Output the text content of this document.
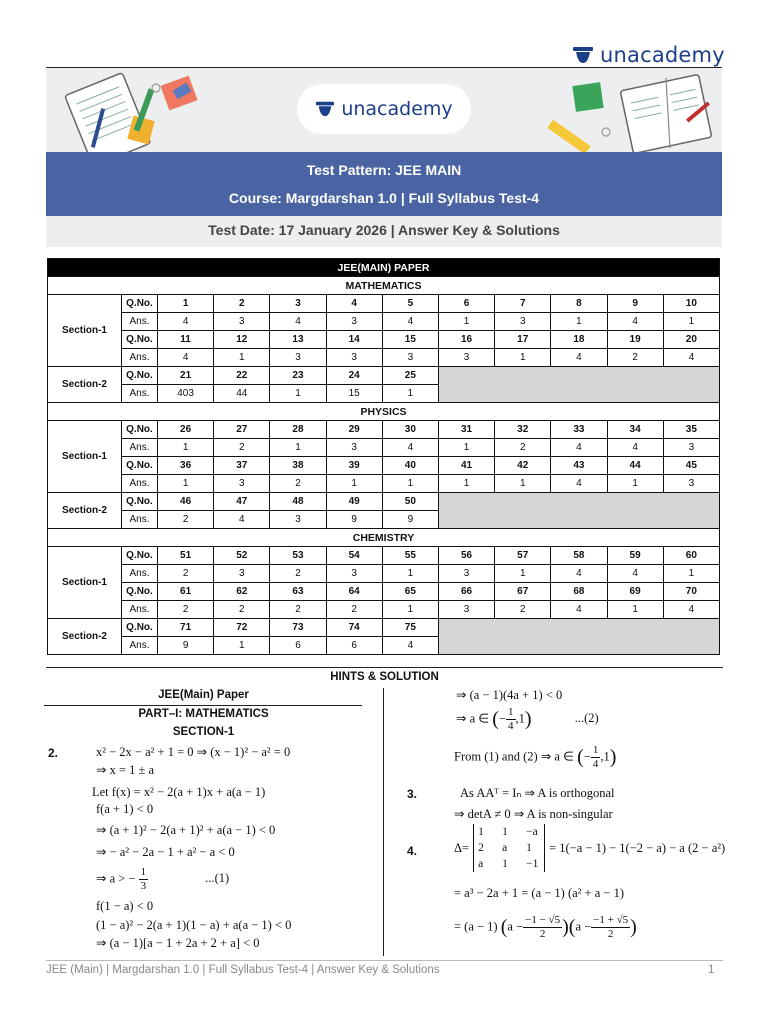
unacademy
unacademy
Test Pattern: JEE MAIN
Course: Margdarshan 1.0 | Full Syllabus Test-4
Test Date: 17 January 2026 | Answer Key & Solutions
JEE(MAIN) PAPER											
MATHEMATICS											
Section-1	Q.No.	1	2	3	4	5	6	7	8	9	10
	Ans.	4	3	4	3	4	1	3	1	4	1
	Q.No.	11	12	13	14	15	16	17	18	19	20
	Ans.	4	1	3	3	3	3	1	4	2	4
Section-2	Q.No.	21	22	23	24	25					
	Ans.	403	44	1	15	1					
PHYSICS											
Section-1	Q.No.	26	27	28	29	30	31	32	33	34	35
	Ans.	1	2	1	3	4	1	2	4	4	3
	Q.No.	36	37	38	39	40	41	42	43	44	45
	Ans.	1	3	2	1	1	1	1	4	1	3
Section-2	Q.No.	46	47	48	49	50					
	Ans.	2	4	3	9	9					
CHEMISTRY											
Section-1	Q.No.	51	52	53	54	55	56	57	58	59	60
	Ans.	2	3	2	3	1	3	1	4	4	1
	Q.No.	61	62	63	64	65	66	67	68	69	70
	Ans.	2	2	2	2	1	3	2	4	1	4
Section-2	Q.No.	71	72	73	74	75					
	Ans.	9	1	6	6	4					
HINTS & SOLUTION
JEE(Main) Paper
PART–I: MATHEMATICS
SECTION-1
2.	x² − 2x − a² + 1 = 0 ⇒ (x − 1)² − a² = 0
⇒ x = 1 ± a
Let f(x) = x² − 2(a + 1)x + a(a − 1)
f(a + 1) < 0
⇒ (a + 1)² − 2(a + 1)² + a(a − 1) < 0
⇒ − a² − 2a − 1 + a² − a < 0
⇒ a > − $\frac{1}{3}$	...(1)
f(1 − a) < 0
(1 − a)² − 2(a + 1)(1 − a) + a(a − 1) < 0
⇒ (a − 1)[a − 1 + 2a + 2 + a] < 0
⇒ (a − 1)(4a + 1) < 0
⇒ a ∈ (− $\frac{1}{4} ,1$)	...(2)
From (1) and (2) ⇒ a ∈ (− $\frac{1}{4} ,1$)
3.	As AAᵀ = Iₙ ⇒ A is orthogonal
⇒ detA ≠ 0 ⇒ A is non-singular
4.	Δ=
1	1	−a
2	a	1
a	1	−1
= 1(−a − 1) − 1(−2 − a) − a (2 − a²)
= a³ − 2a + 1 = (a − 1) (a² + a − 1)
= (a − 1) $(a - \frac{-1 - √5}{2} )(a - \frac{-1 + √5}{2}$ )
JEE (Main) | Margdarshan 1.0 | Full Syllabus Test-4 | Answer Key & Solutions	1
